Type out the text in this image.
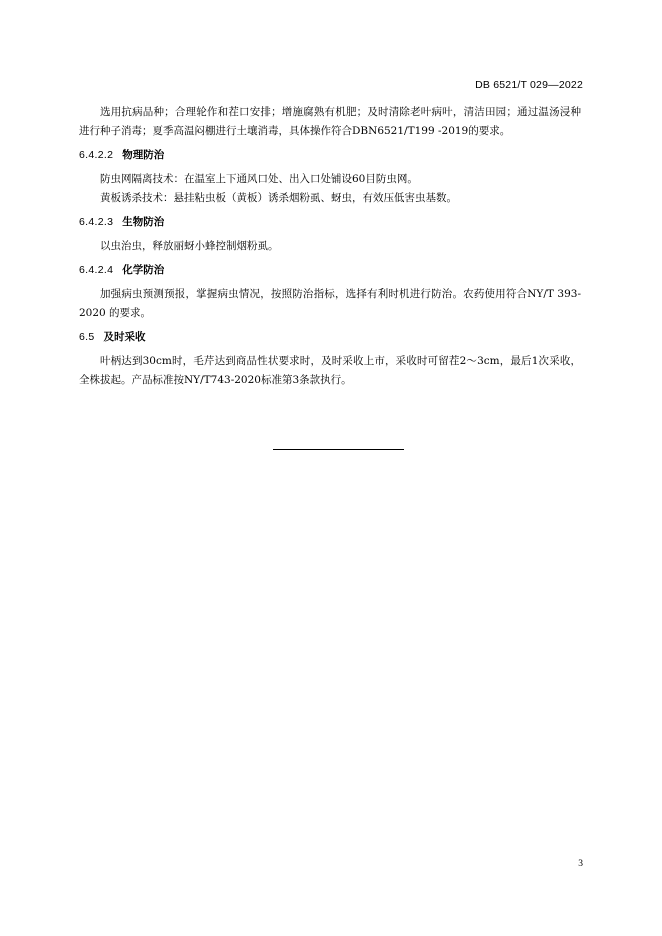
DB 6521/T 029—2022

选用抗病品种；合理轮作和茬口安排；增施腐熟有机肥；及时清除老叶病叶，清洁田园；通过温汤浸种进行种子消毒；夏季高温闷棚进行土壤消毒，具体操作符合DBN6521/T199 -2019的要求。

6.4.2.2 物理防治

防虫网隔离技术：在温室上下通风口处、出入口处铺设60目防虫网。

黄板诱杀技术：悬挂粘虫板（黄板）诱杀烟粉虱、蚜虫，有效压低害虫基数。

6.4.2.3 生物防治

以虫治虫，释放丽蚜小蜂控制烟粉虱。

6.4.2.4 化学防治

加强病虫预测预报，掌握病虫情况，按照防治指标，选择有利时机进行防治。农药使用符合NY/T 393-2020 的要求。

6.5 及时采收

叶柄达到30cm时，毛芹达到商品性状要求时，及时采收上市，采收时可留茬2～3cm，最后1次采收，全株拔起。产品标准按NY/T743-2020标准第3条款执行。

3
